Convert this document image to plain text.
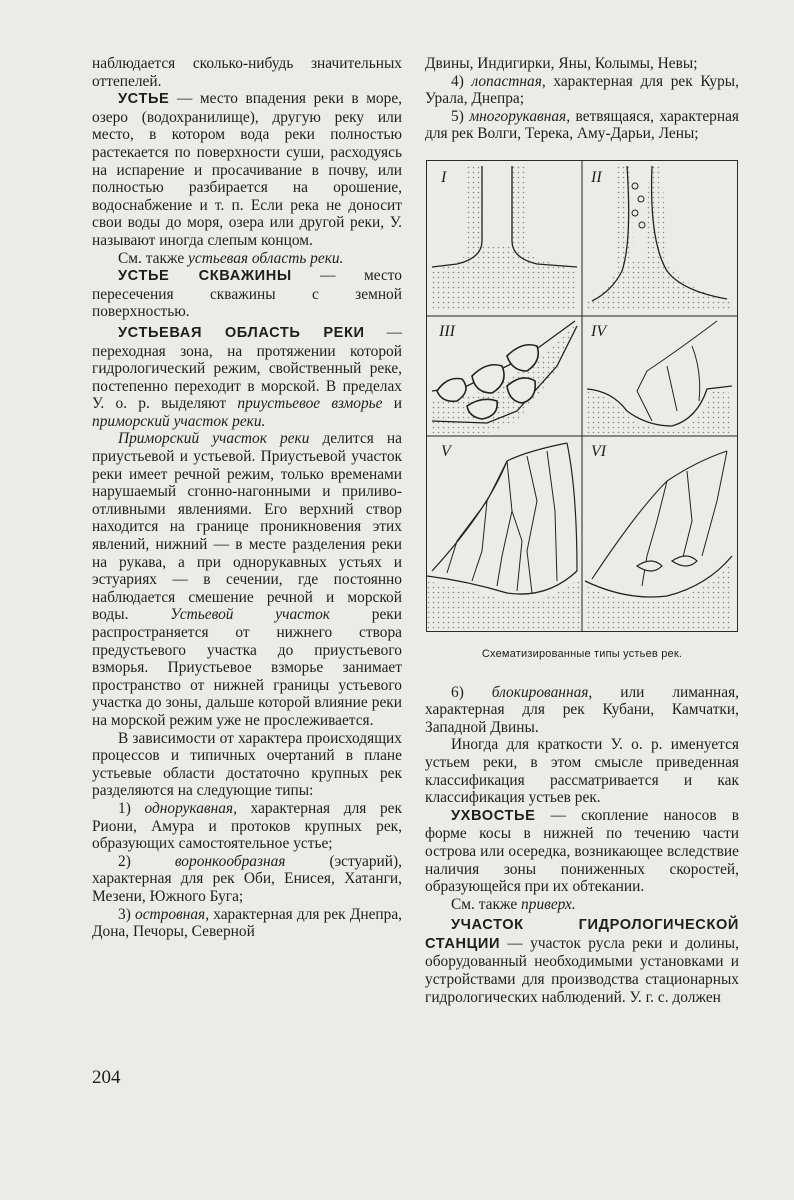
наблюдается сколько-нибудь значительных оттепелей.

УСТЬЕ — место впадения реки в море, озеро (водохранилище), другую реку или место, в котором вода реки полностью растекается по поверхности суши, расходуясь на испарение и просачивание в почву, или полностью разбирается на орошение, водоснабжение и т. п. Если река не доносит свои воды до моря, озера или другой реки, У. называют иногда слепым концом.

См. также устьевая область реки.

УСТЬЕ СКВАЖИНЫ — место пересечения скважины с земной поверхностью.

УСТЬЕВАЯ ОБЛАСТЬ РЕКИ — переходная зона, на протяжении которой гидрологический режим, свойственный реке, постепенно переходит в морской. В пределах У. о. р. выделяют приустьевое взморье и приморский участок реки.

Приморский участок реки делится на приустьевой и устьевой. Приустьевой участок реки имеет речной режим, только временами нарушаемый сгонно-нагонными и приливо-отливными явлениями. Его верхний створ находится на границе проникновения этих явлений, нижний — в месте разделения реки на рукава, а при однорукавных устьях и эстуариях — в сечении, где постоянно наблюдается смешение речной и морской воды. Устьевой участок реки распространяется от нижнего створа предустьевого участка до приустьевого взморья. Приустьевое взморье занимает пространство от нижней границы устьевого участка до зоны, дальше которой влияние реки на морской режим уже не прослеживается.

В зависимости от характера происходящих процессов и типичных очертаний в плане устьевые области достаточно крупных рек разделяются на следующие типы:

1) однорукавная, характерная для рек Риони, Амура и протоков крупных рек, образующих самостоятельное устье;

2) воронкообразная (эстуарий), характерная для рек Оби, Енисея, Хатанги, Мезени, Южного Буга;

3) островная, характерная для рек Днепра, Дона, Печоры, Северной

Двины, Индигирки, Яны, Колымы, Невы;

4) лопастная, характерная для рек Куры, Урала, Днепра;

5) многорукавная, ветвящаяся, характерная для рек Волги, Терека, Аму-Дарьи, Лены;

I	II
III	IV
V	VI
Схематизированные типы устьев рек.

6) блокированная, или лиманная, характерная для рек Кубани, Камчатки, Западной Двины.

Иногда для краткости У. о. р. именуется устьем реки, в этом смысле приведенная классификация рассматривается и как классификация устьев рек.

УХВОСТЬЕ — скопление наносов в форме косы в нижней по течению части острова или осередка, возникающее вследствие наличия зоны пониженных скоростей, образующейся при их обтекании.

См. также приверх.

УЧАСТОК ГИДРОЛОГИЧЕСКОЙ СТАНЦИИ — участок русла реки и долины, оборудованный необходимыми установками и устройствами для производства стационарных гидрологических наблюдений. У. г. с. должен

204
